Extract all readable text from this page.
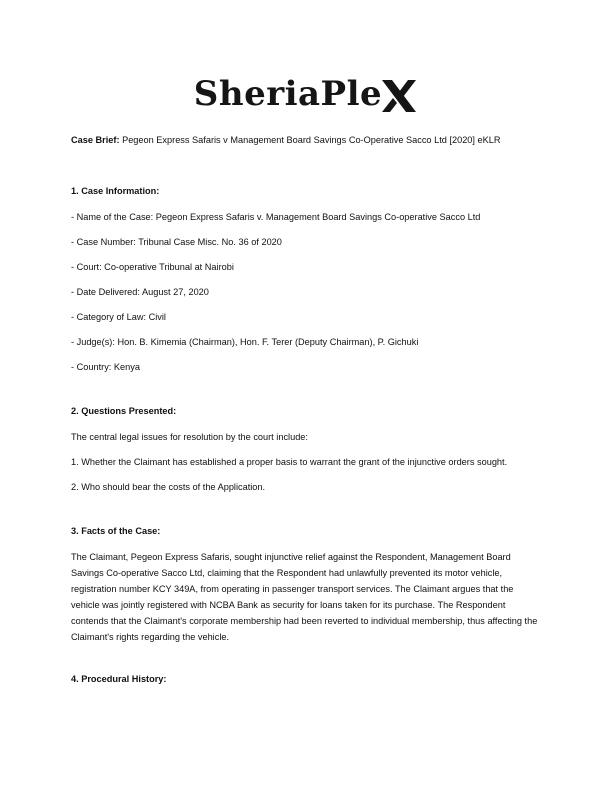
SheriaPle
Case Brief: Pegeon Express Safaris v Management Board Savings Co-Operative Sacco Ltd [2020] eKLR
1. Case Information:
- Name of the Case: Pegeon Express Safaris v. Management Board Savings Co-operative Sacco Ltd
- Case Number: Tribunal Case Misc. No. 36 of 2020
- Court: Co-operative Tribunal at Nairobi
- Date Delivered: August 27, 2020
- Category of Law: Civil
- Judge(s): Hon. B. Kimemia (Chairman), Hon. F. Terer (Deputy Chairman), P. Gichuki
- Country: Kenya
2. Questions Presented:
The central legal issues for resolution by the court include:
1. Whether the Claimant has established a proper basis to warrant the grant of the injunctive orders sought.
2. Who should bear the costs of the Application.
3. Facts of the Case:
The Claimant, Pegeon Express Safaris, sought injunctive relief against the Respondent, Management Board Savings Co-operative Sacco Ltd, claiming that the Respondent had unlawfully prevented its motor vehicle, registration number KCY 349A, from operating in passenger transport services. The Claimant argues that the vehicle was jointly registered with NCBA Bank as security for loans taken for its purchase. The Respondent contends that the Claimant's corporate membership had been reverted to individual membership, thus affecting the Claimant's rights regarding the vehicle.
4. Procedural History:
